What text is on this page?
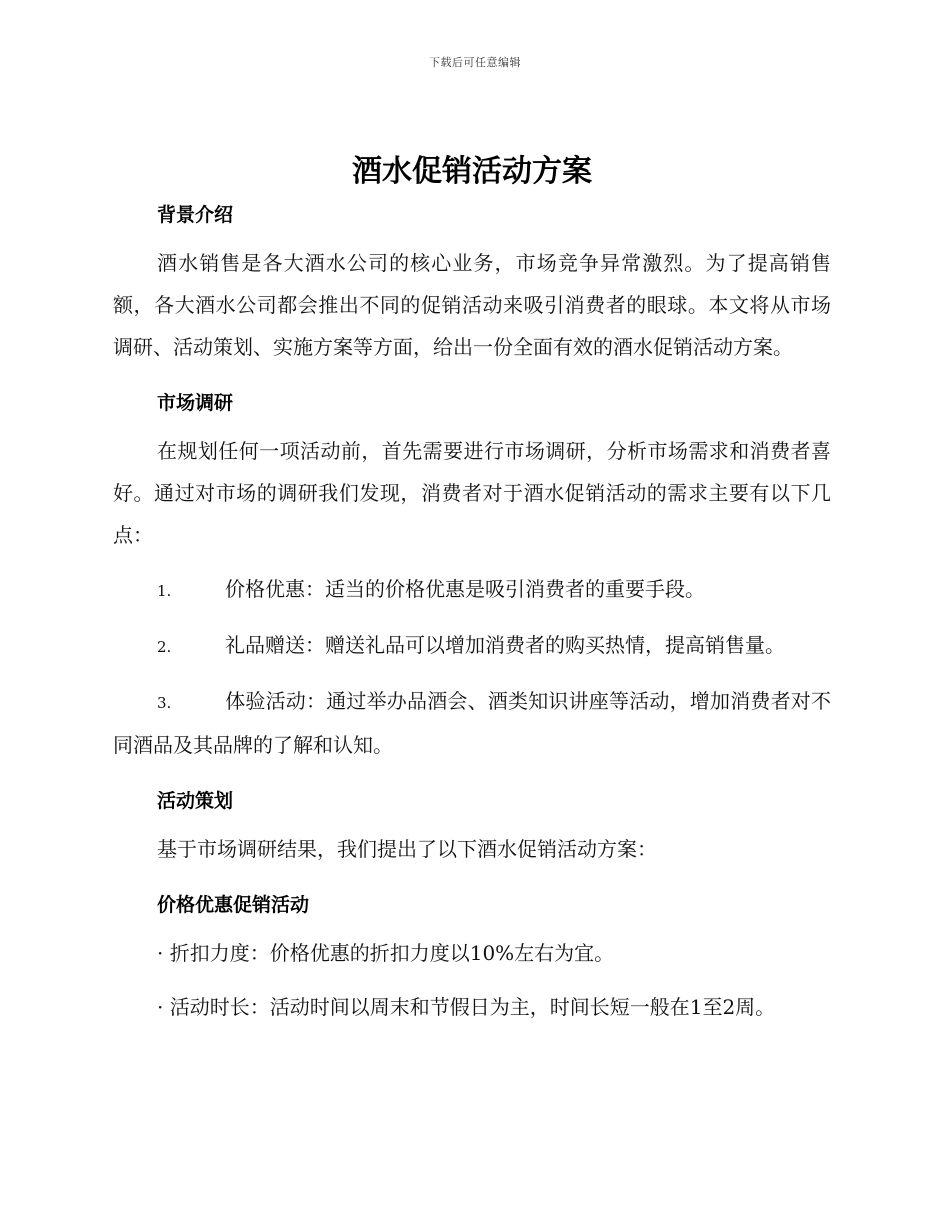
下载后可任意编辑
酒水促销活动方案
背景介绍

酒水销售是各大酒水公司的核心业务，市场竞争异常激烈。为了提高销售额，各大酒水公司都会推出不同的促销活动来吸引消费者的眼球。本文将从市场调研、活动策划、实施方案等方面，给出一份全面有效的酒水促销活动方案。

市场调研

在规划任何一项活动前，首先需要进行市场调研，分析市场需求和消费者喜好。通过对市场的调研我们发现，消费者对于酒水促销活动的需求主要有以下几点：

1.	价格优惠：适当的价格优惠是吸引消费者的重要手段。

2.	礼品赠送：赠送礼品可以增加消费者的购买热情，提高销售量。

3.	体验活动：通过举办品酒会、酒类知识讲座等活动，增加消费者对不同酒品及其品牌的了解和认知。

活动策划

基于市场调研结果，我们提出了以下酒水促销活动方案：

价格优惠促销活动

· 折扣力度：价格优惠的折扣力度以10%左右为宜。

· 活动时长：活动时间以周末和节假日为主，时间长短一般在1至2周。
